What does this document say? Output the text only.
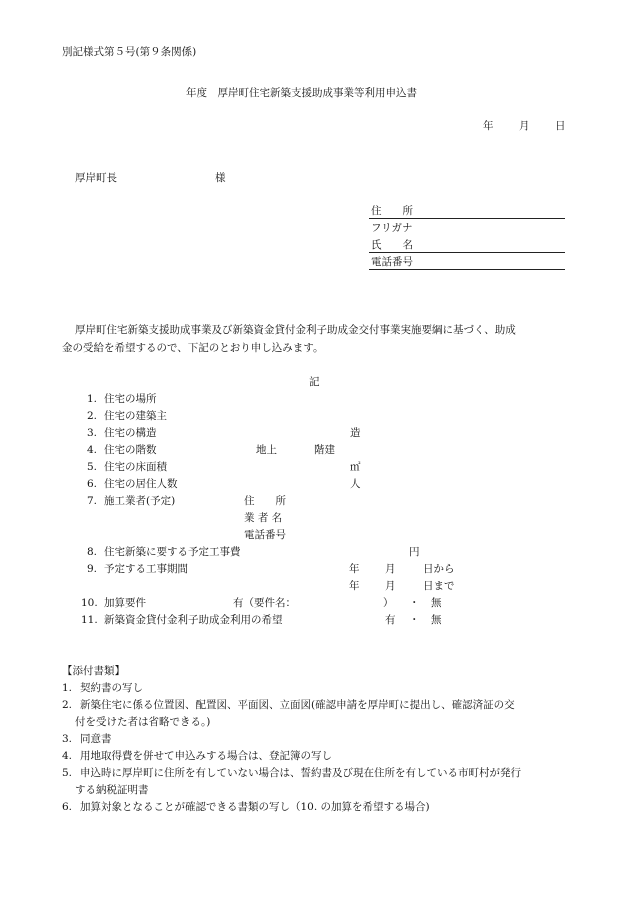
別記様式第５号(第９条関係)
年度　厚岸町住宅新築支援助成事業等利用申込書
年 月 日
厚岸町長	様
住　　所
フリガナ
氏　　名
電話番号
厚岸町住宅新築支援助成事業及び新築資金貸付金利子助成金交付事業実施要綱に基づく、助成
金の受給を希望するので、下記のとおり申し込みます。
記
1. 住宅の場所
2. 住宅の建築主
3. 住宅の構造	造
4. 住宅の階数	地上	階建
5. 住宅の床面積	㎡
6. 住宅の居住人数	人
7. 施工業者(予定)	住　　所
業 者 名
電話番号
8. 住宅新築に要する予定工事費	円
9. 予定する工事期間	年 月	日から
年 月	日まで
10. 加算要件	有（要件名：	） ・ 無
11. 新築資金貸付金利子助成金利用の希望	有 ・ 無
【添付書類】
1. 契約書の写し
2. 新築住宅に係る位置図、配置図、平面図、立面図(確認申請を厚岸町に提出し、確認済証の交
付を受けた者は省略できる。)
3. 同意書
4. 用地取得費を併せて申込みする場合は、登記簿の写し
5. 申込時に厚岸町に住所を有していない場合は、誓約書及び現在住所を有している市町村が発行
する納税証明書
6. 加算対象となることが確認できる書類の写し（10. の加算を希望する場合)
